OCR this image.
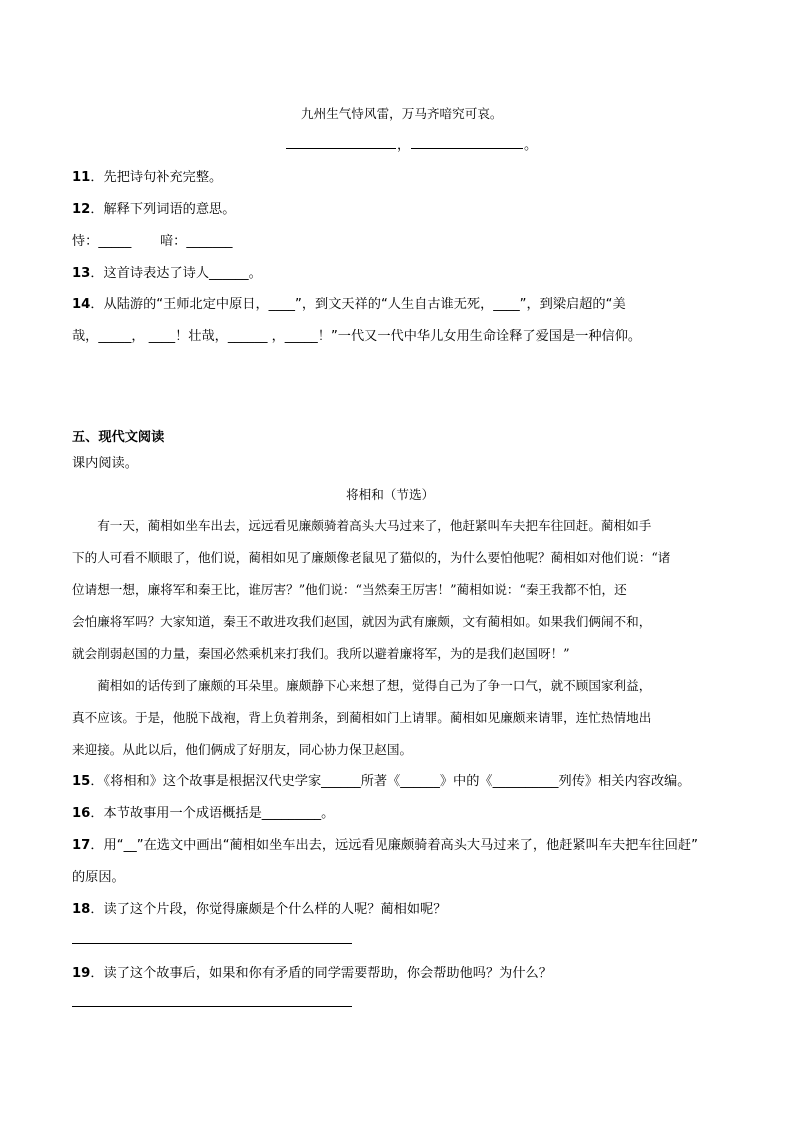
九州生气恃风雷，万马齐喑究可哀。
，	。
11．先把诗句补充完整。
12．解释下列词语的意思。
恃：_____ 喑：_______
13．这首诗表达了诗人______。
14．从陆游的“王师北定中原日，____”，到文天祥的“人生自古谁无死，____”，到梁启超的“美
哉，_____， ____！壮哉，______ ，_____！”一代又一代中华儿女用生命诠释了爱国是一种信仰。
五、现代文阅读
课内阅读。
将相和（节选）

　　有一天，蔺相如坐车出去，远远看见廉颇骑着高头大马过来了，他赶紧叫车夫把车往回赶。蔺相如手

下的人可看不顺眼了，他们说，蔺相如见了廉颇像老鼠见了猫似的，为什么要怕他呢？蔺相如对他们说：“诸

位请想一想，廉将军和秦王比，谁厉害？”他们说：“当然秦王厉害！”蔺相如说：“秦王我都不怕，还

会怕廉将军吗？大家知道，秦王不敢进攻我们赵国，就因为武有廉颇，文有蔺相如。如果我们俩闹不和，

就会削弱赵国的力量，秦国必然乘机来打我们。我所以避着廉将军，为的是我们赵国呀！”

　　蔺相如的话传到了廉颇的耳朵里。廉颇静下心来想了想，觉得自己为了争一口气，就不顾国家利益，

真不应该。于是，他脱下战袍，背上负着荆条，到蔺相如门上请罪。蔺相如见廉颇来请罪，连忙热情地出

来迎接。从此以后，他们俩成了好朋友，同心协力保卫赵国。

15．《将相和》这个故事是根据汉代史学家______所著《______》中的《__________列传》相关内容改编。
16．本节故事用一个成语概括是_________。
17．用“__”在选文中画出“蔺相如坐车出去，远远看见廉颇骑着高头大马过来了，他赶紧叫车夫把车往回赶”
的原因。
18．读了这个片段，你觉得廉颇是个什么样的人呢？蔺相如呢？
19．读了这个故事后，如果和你有矛盾的同学需要帮助，你会帮助他吗？为什么？
